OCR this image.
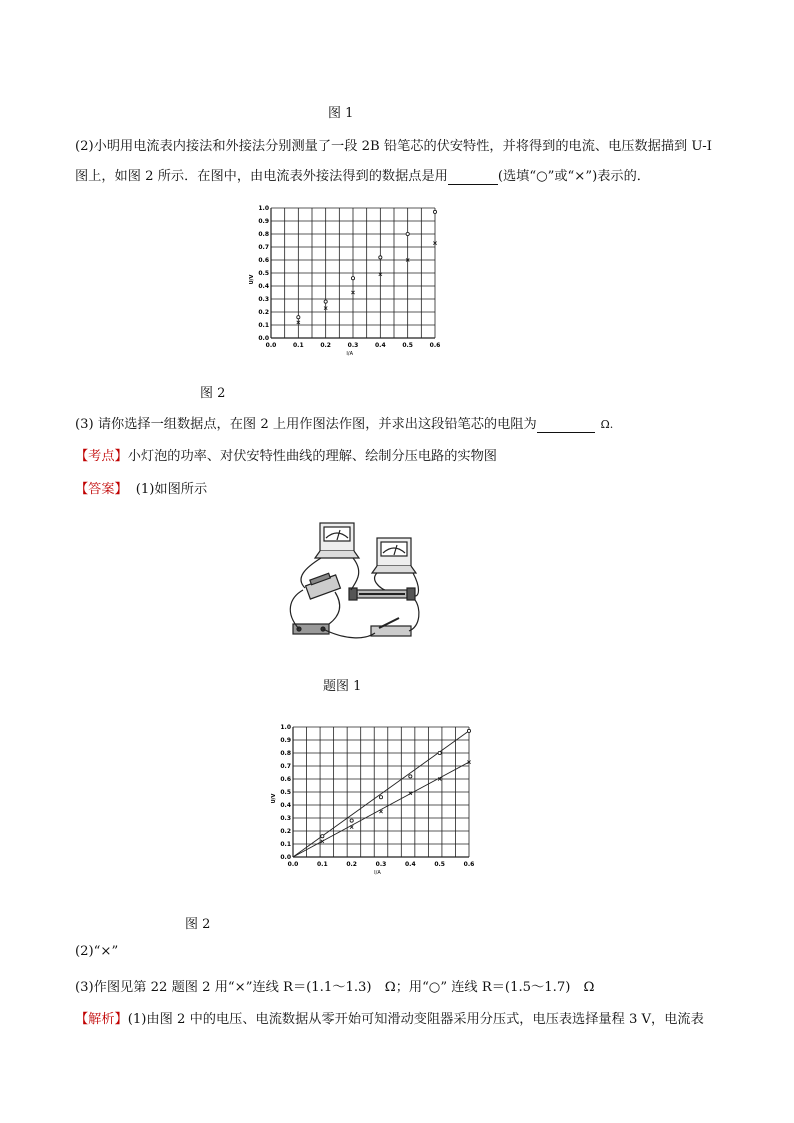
图 1
(2)小明用电流表内接法和外接法分别测量了一段 2B 铅笔芯的伏安特性，并将得到的电流、电压数据描到 U-I
图上，如图 2 所示．在图中，由电流表外接法得到的数据点是用	(选填“○”或“×”)表示的．
0.0	0.1	0.2	0.3	0.4	0.5	0.6
0.0
0.1
0.2
0.3
0.4
0.5
0.6
0.7
0.8
0.9
1.0
I/A
U/V
图 2
(3) 请你选择一组数据点，在图 2 上用作图法作图，并求出这段铅笔芯的电阻为	Ω.
【考点】小灯泡的功率、对伏安特性曲线的理解、绘制分压电路的实物图
【答案】 (1)如图所示
题图 1
0.0	0.1	0.2	0.3	0.4	0.5	0.6
0.0
0.1
0.2
0.3
0.4
0.5
0.6
0.7
0.8
0.9
1.0
I/A
U/V
图 2
(2)“×”
(3)作图见第 22 题图 2 用“×”连线 R＝(1.1～1.3)　Ω；用“○” 连线 R＝(1.5～1.7)　Ω
【解析】(1)由图 2 中的电压、电流数据从零开始可知滑动变阻器采用分压式，电压表选择量程 3 V，电流表
